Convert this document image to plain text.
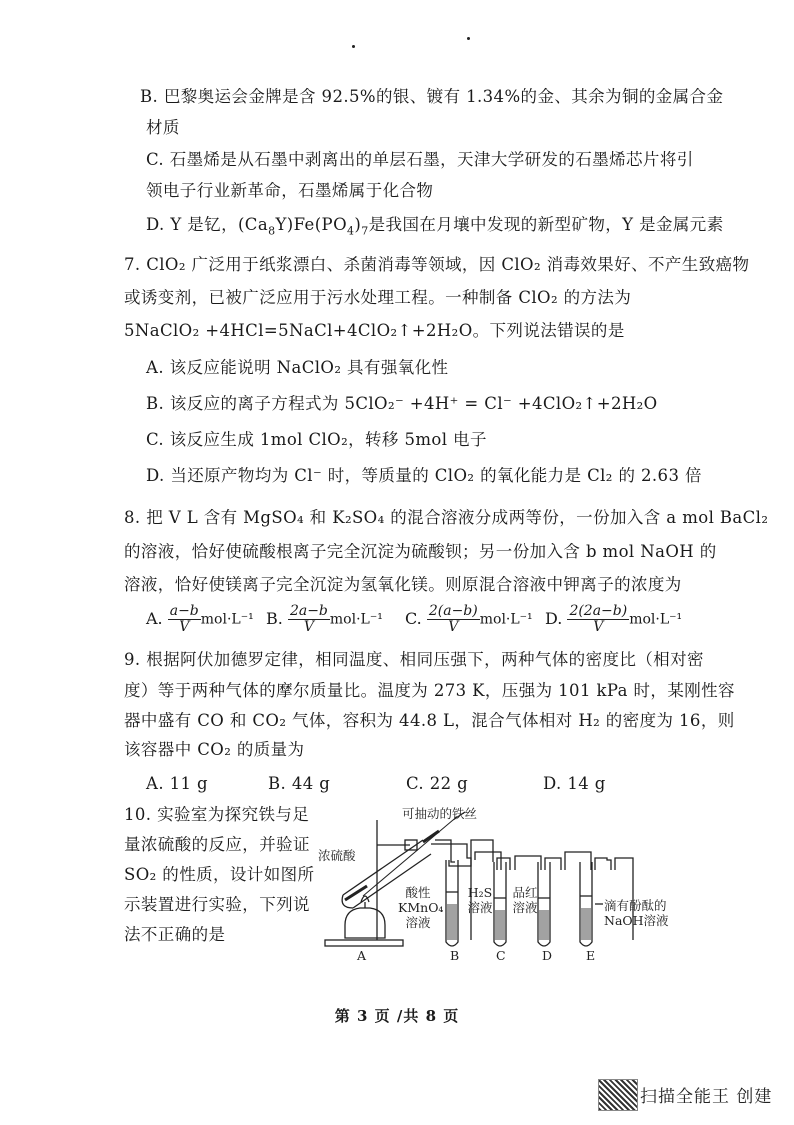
B. 巴黎奥运会金牌是含 92.5%的银、镀有 1.34%的金、其余为铜的金属合金
材质
C. 石墨烯是从石墨中剥离出的单层石墨，天津大学研发的石墨烯芯片将引
领电子行业新革命，石墨烯属于化合物
D. Y 是钇，$(Ca_8Y)Fe(PO_4)_7$是我国在月壤中发现的新型矿物，Y 是金属元素
7. ClO₂ 广泛用于纸浆漂白、杀菌消毒等领域，因 ClO₂ 消毒效果好、不产生致癌物
或诱变剂，已被广泛应用于污水处理工程。一种制备 ClO₂ 的方法为
5NaClO₂ +4HCl=5NaCl+4ClO₂↑+2H₂O。下列说法错误的是
A. 该反应能说明 NaClO₂ 具有强氧化性
B. 该反应的离子方程式为 5ClO₂⁻ +4H⁺ = Cl⁻ +4ClO₂↑+2H₂O
C. 该反应生成 1mol ClO₂，转移 5mol 电子
D. 当还原产物均为 Cl⁻ 时，等质量的 ClO₂ 的氧化能力是 Cl₂ 的 2.63 倍
8. 把 V L 含有 MgSO₄ 和 K₂SO₄ 的混合溶液分成两等份，一份加入含 a mol BaCl₂
的溶液，恰好使硫酸根离子完全沉淀为硫酸钡；另一份加入含 b mol NaOH 的
溶液，恰好使镁离子完全沉淀为氢氧化镁。则原混合溶液中钾离子的浓度为
A. $\frac{a-b}{V} mol\cdot L^{-1}$ B. $\frac{2a-b}{V} mol\cdot L^{-1}$ C. $\frac{2(a-b)}{V} mol\cdot L^{-1}$ D. $\frac{2(2a-b)}{V} mol\cdot L^{-1}$
9. 根据阿伏加德罗定律，相同温度、相同压强下，两种气体的密度比（相对密
度）等于两种气体的摩尔质量比。温度为 273 K，压强为 101 kPa 时，某刚性容
器中盛有 CO 和 CO₂ 气体，容积为 44.8 L，混合气体相对 H₂ 的密度为 16，则
该容器中 CO₂ 的质量为
A. 11 g	B. 44 g	C. 22 g	D. 14 g
10. 实验室为探究铁与足
量浓硫酸的反应，并验证
SO₂ 的性质，设计如图所
示装置进行实验，下列说
法不正确的是
可抽动的铁丝
浓硫酸
酸性
KMnO₄
溶液
H₂S
溶液
品红
溶液	滴有酚酞的
NaOH溶液
A	B	C	D	E
第 3 页 /共 8 页
扫描全能王 创建
